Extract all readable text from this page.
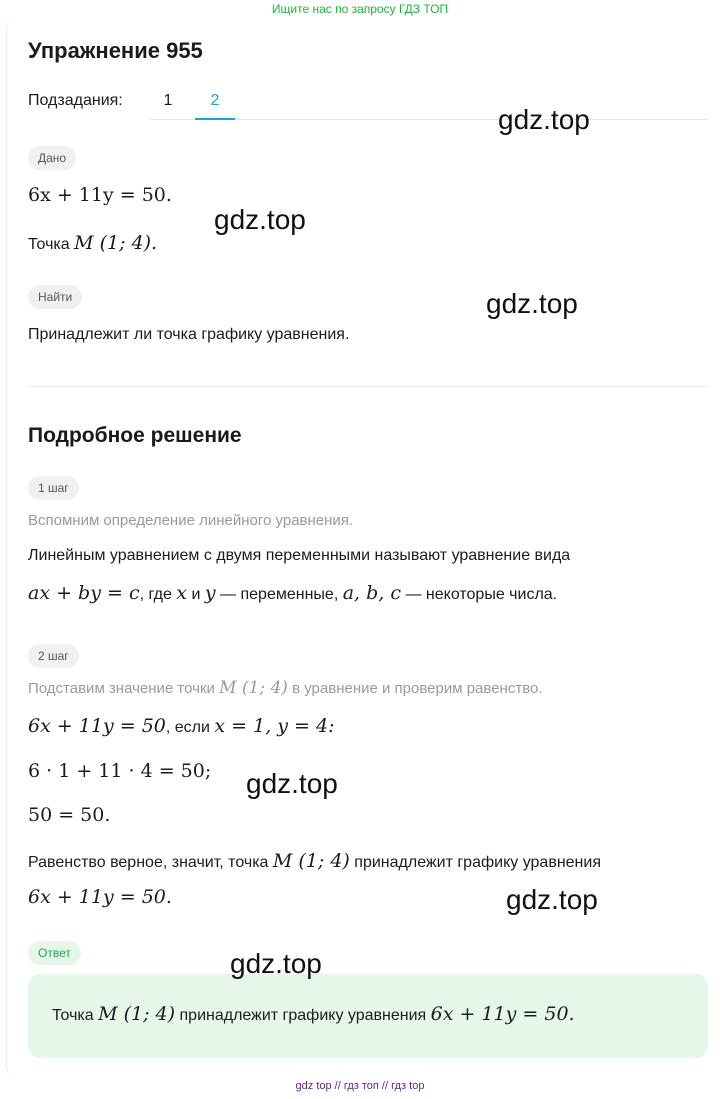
Ищите нас по запросу ГДЗ ТОП
Упражнение 955
Подзадания:	1	2
Дано
6x + 11y = 50.
Точка M (1; 4).
Найти
Принадлежит ли точка графику уравнения.
Подробное решение
1 шаг
Вспомним определение линейного уравнения.
Линейным уравнением с двумя переменными называют уравнение вида
ax + by = c, где x и y — переменные, a, b, c — некоторые числа.
2 шаг
Подставим значение точки M (1; 4) в уравнение и проверим равенство.
6x + 11y = 50, если x = 1, y = 4:
6 · 1 + 11 · 4 = 50;
50 = 50.
Равенство верное, значит, точка M (1; 4) принадлежит графику уравнения
6x + 11y = 50.
Ответ
Точка M (1; 4) принадлежит графику уравнения 6x + 11y = 50.
gdz.top
gdz.top
gdz.top
gdz.top
gdz.top
gdz.top
gdz top // гдз топ // гдз top
